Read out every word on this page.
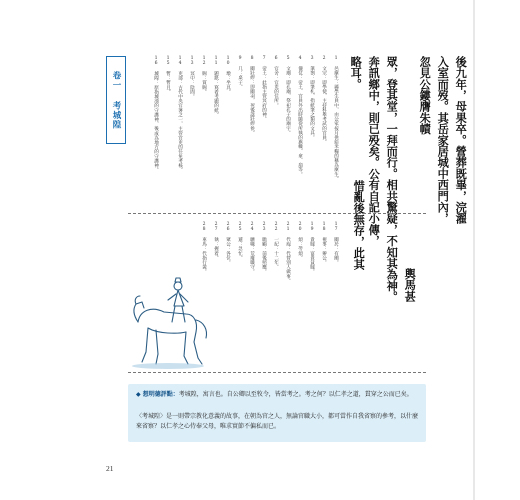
後九年，母果卒。營葬既畢，浣濯
入室而歿。其岳家居城中西門內，
忽見公鏤膺朱幘
輿馬甚
眾，登其堂，一拜而行。相共驚疑，不知其為神。
奔訊鄉中，則已殁矣。公有自記小傳，
惜亂後無存，此其
略耳。
卷一 考城隍	1 邑廩生：縣學生員中，由公家按月供給米糧的稱為廩生。
2 文宗：即學使，主持科舉考試的官員。
3 筆劄：即筆札，指紙筆之類的文具。
4 儀仗：帝王、官員外出時隨從所執的旗幟、傘、扇等。
5 文廟：即孔廟，祭祀孔子的廟宇。
6 官舍：官吏的住所。
7 帝王：此指主管冥府的神。
8 關壯繆：即關羽，死後諡壯繆侯。
9 几：桌子。
10 墩：坐具。
11 題紙：寫着考題的紙。
12 賜：賞賜。
13 冥中：陰間。
14 吏部：古代中央官署之一，主管官吏的任免考核。
15 暫：暫且。
16 城隍：原指城池的守護神，後成為地方的守護神。
17 關於：有關。
18 視事：辦公。
19 貴賤：富貴貧賤。
20 煩：勞煩。
21 代庖：代替別人做事。
22 一紀：十二年。
23 瞻顧：前後照應。
24 曠職：荒廢職守。
25 遽：急忙。
26 眾公：各位。
27 執：握着。
28 車馬：代指行裝。

◆ 想明德評點：考城隍，寓言也。自公卿以至牧令，皆當考之。考之何？以仁孝之道，貫穿之公而已矣。

〈考城隍〉是一則帶宗教化意義的故事，在朝為官之人，無論官職大小，都可當作自我省察的參考，以什麼來省察？以仁孝之心侍奉父母，唯求實節不偏私而已。

21
